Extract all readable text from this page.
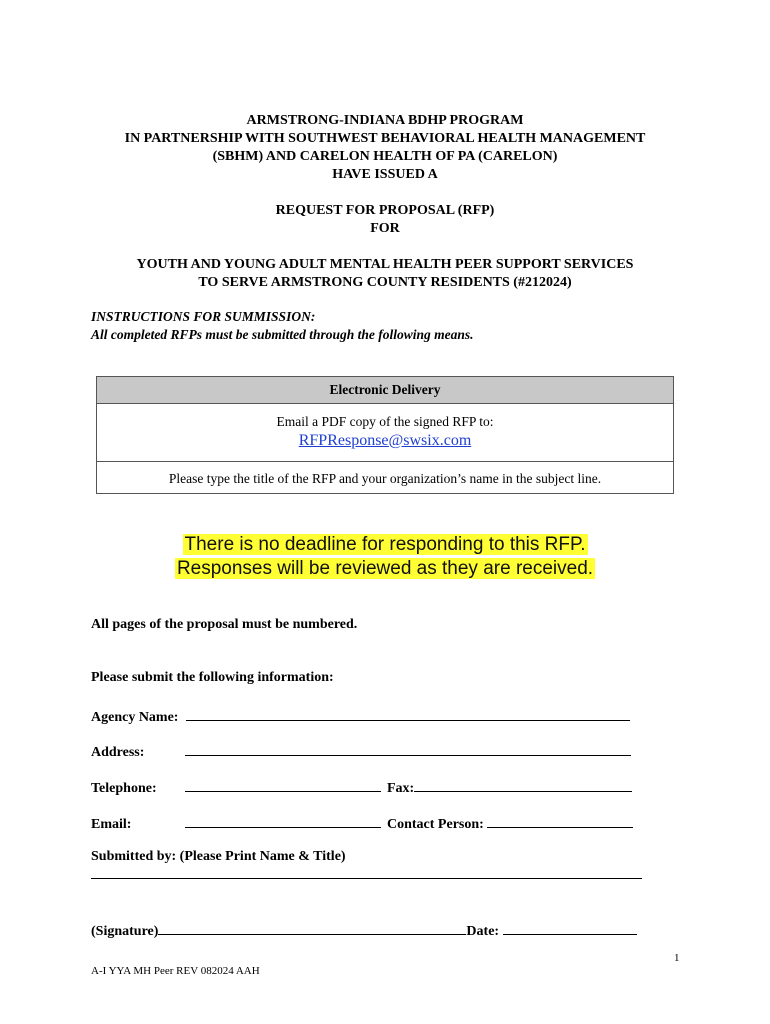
ARMSTRONG-INDIANA BDHP PROGRAM
IN PARTNERSHIP WITH SOUTHWEST BEHAVIORAL HEALTH MANAGEMENT
(SBHM) AND CARELON HEALTH OF PA (CARELON)
HAVE ISSUED A
REQUEST FOR PROPOSAL (RFP)
FOR
YOUTH AND YOUNG ADULT MENTAL HEALTH PEER SUPPORT SERVICES
TO SERVE ARMSTRONG COUNTY RESIDENTS (#212024)
INSTRUCTIONS FOR SUMMISSION:
All completed RFPs must be submitted through the following means.
Electronic Delivery
Email a PDF copy of the signed RFP to:
RFPResponse@swsix.com
Please type the title of the RFP and your organization’s name in the subject line.
There is no deadline for responding to this RFP.
Responses will be reviewed as they are received.
All pages of the proposal must be numbered.
Please submit the following information:
Agency Name:
Address:
Telephone:	Fax:
Email:	Contact Person:
Submitted by: (Please Print Name & Title)
(Signature)	Date:
1
A-I YYA MH Peer REV 082024 AAH
